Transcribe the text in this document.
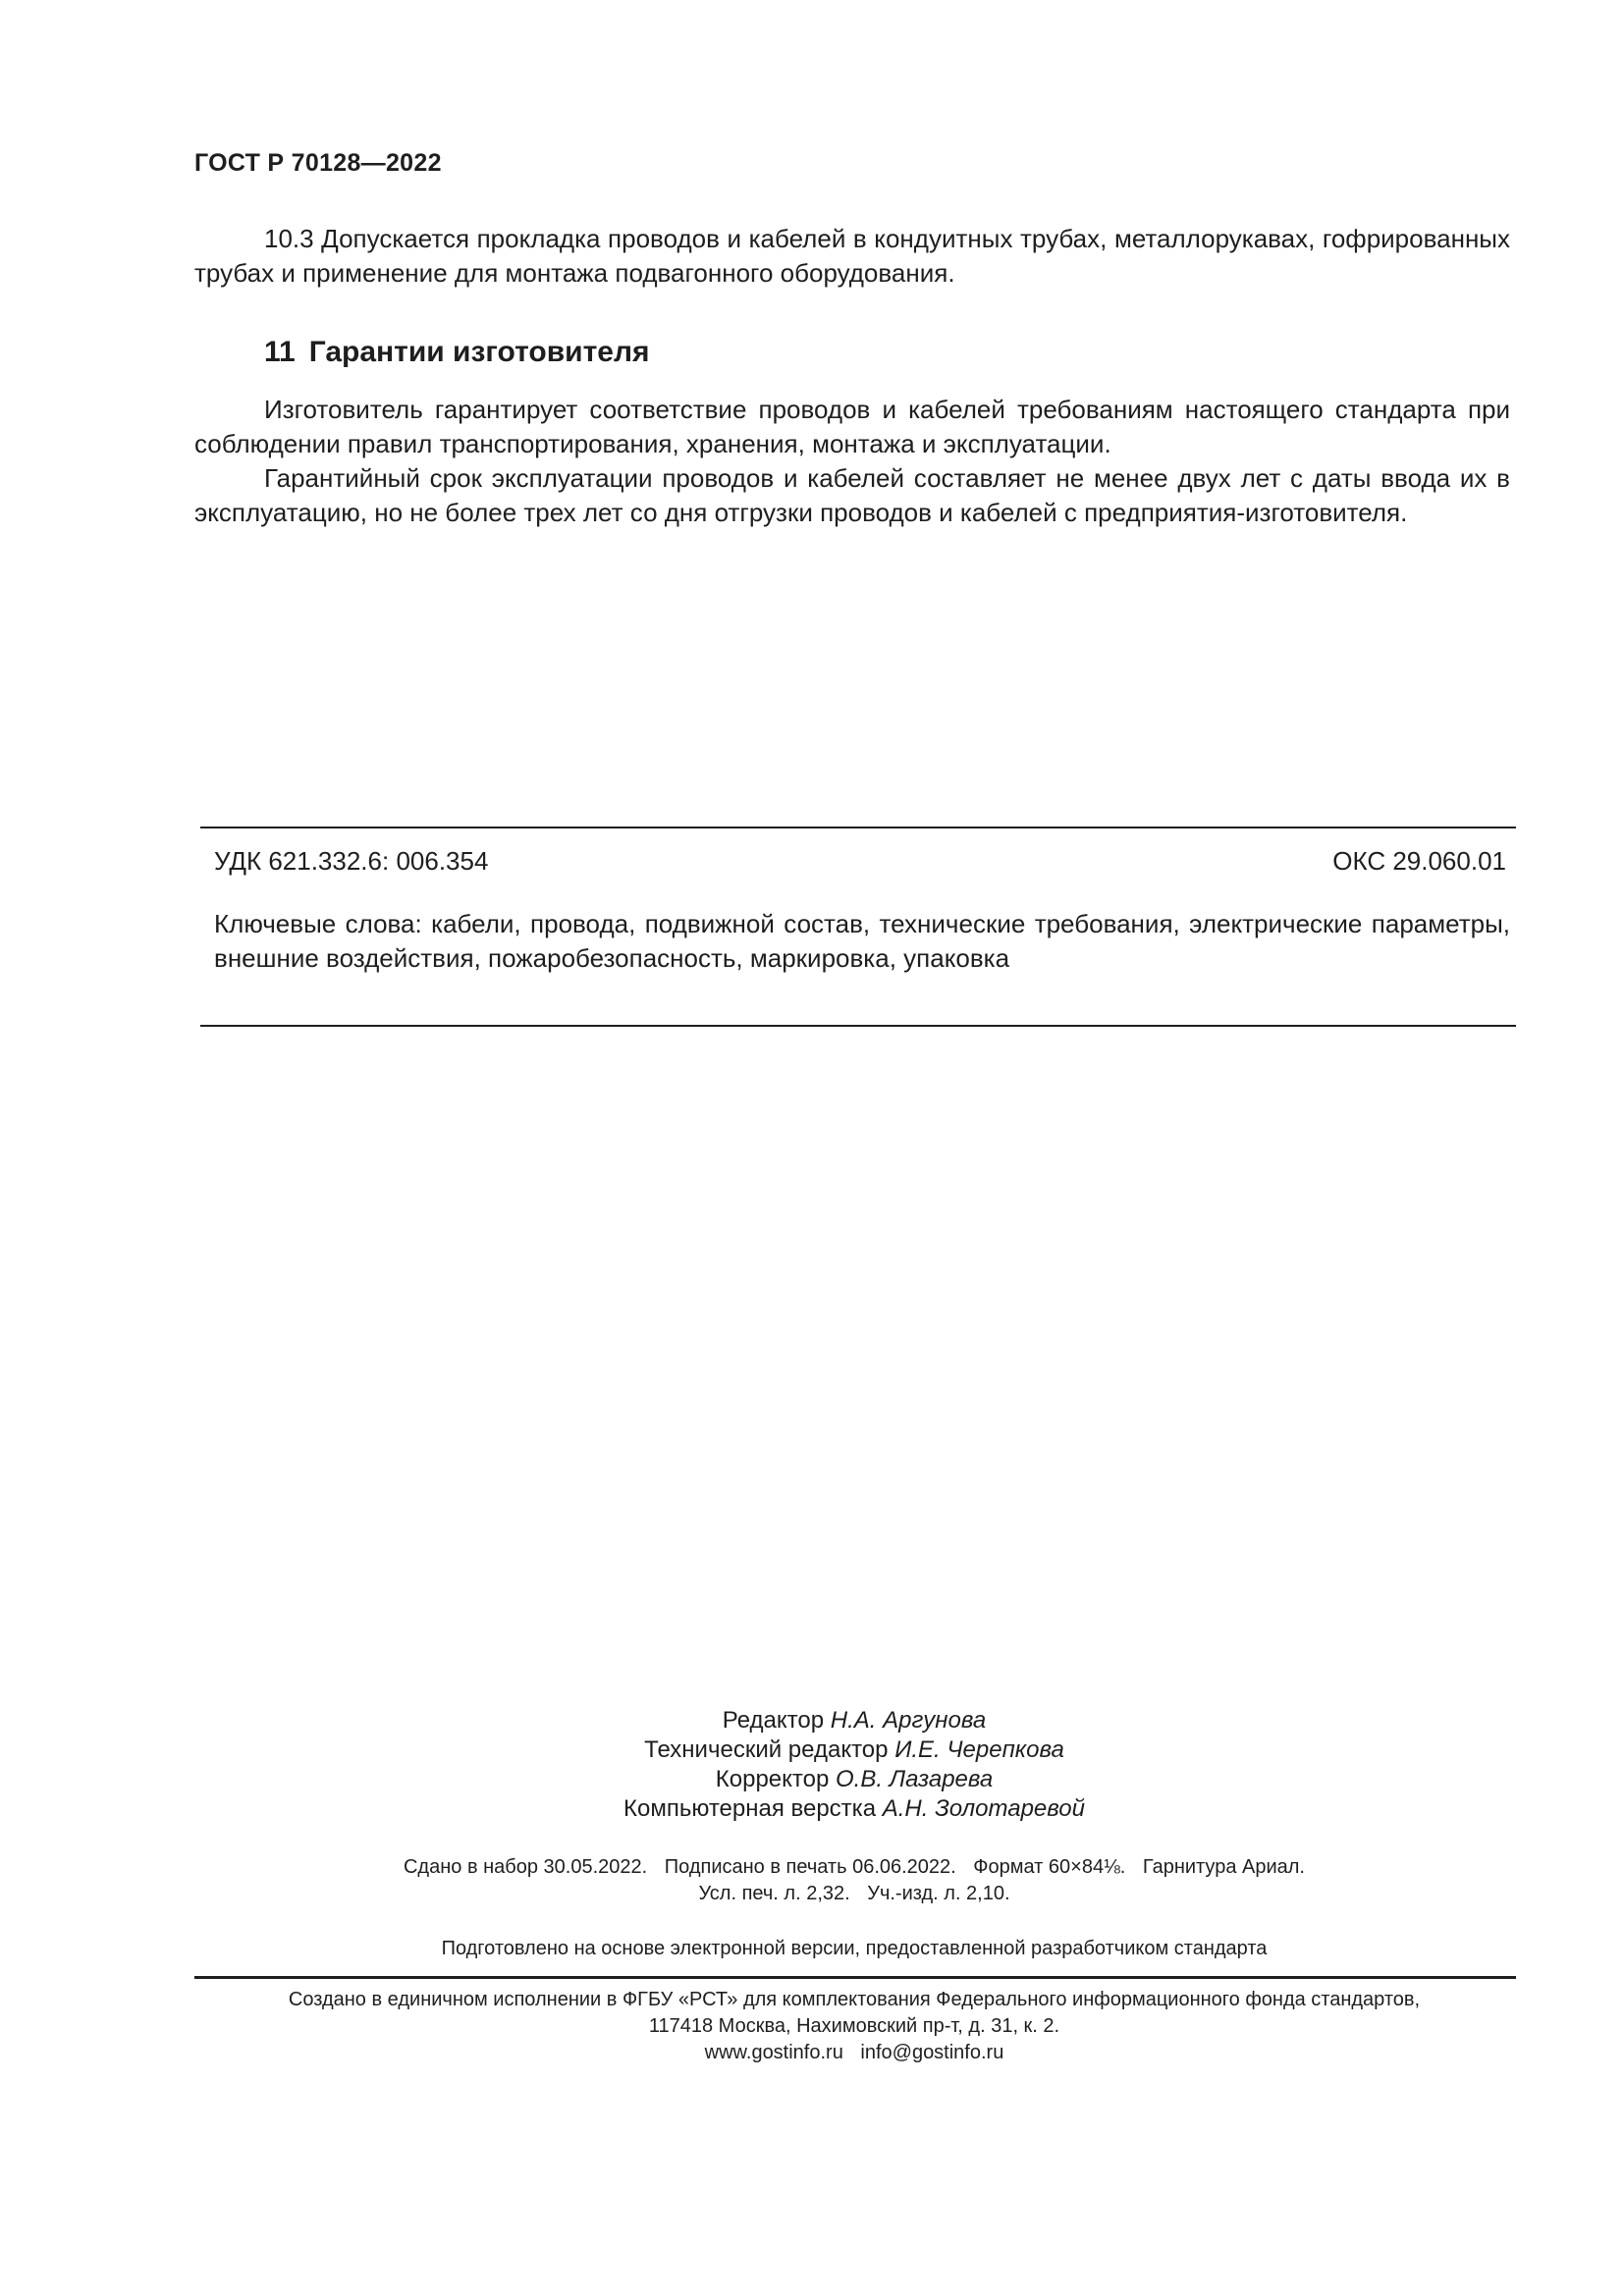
ГОСТ Р 70128—2022

10.3 Допускается прокладка проводов и кабелей в кондуитных трубах, металлорукавах, гофрированных трубах и применение для монтажа подвагонного оборудования.

11 Гарантии изготовителя

Изготовитель гарантирует соответствие проводов и кабелей требованиям настоящего стандарта при соблюдении правил транспортирования, хранения, монтажа и эксплуатации.

Гарантийный срок эксплуатации проводов и кабелей составляет не менее двух лет с даты ввода их в эксплуатацию, но не более трех лет со дня отгрузки проводов и кабелей с предприятия-изготовителя.

УДК 621.332.6: 006.354	ОКС 29.060.01
Ключевые слова: кабели, провода, подвижной состав, технические требования, электрические параметры, внешние воздействия, пожаробезопасность, маркировка, упаковка
Редактор Н.А. Аргунова
Технический редактор И.Е. Черепкова
Корректор О.В. Лазарева
Компьютерная верстка А.Н. Золотаревой
Сдано в набор 30.05.2022. Подписано в печать 06.06.2022. Формат 60×84⅛. Гарнитура Ариал.
Усл. печ. л. 2,32. Уч.-изд. л. 2,10.
Подготовлено на основе электронной версии, предоставленной разработчиком стандарта
Создано в единичном исполнении в ФГБУ «РСТ» для комплектования Федерального информационного фонда стандартов,
117418 Москва, Нахимовский пр-т, д. 31, к. 2.
www.gostinfo.ru info@gostinfo.ru
